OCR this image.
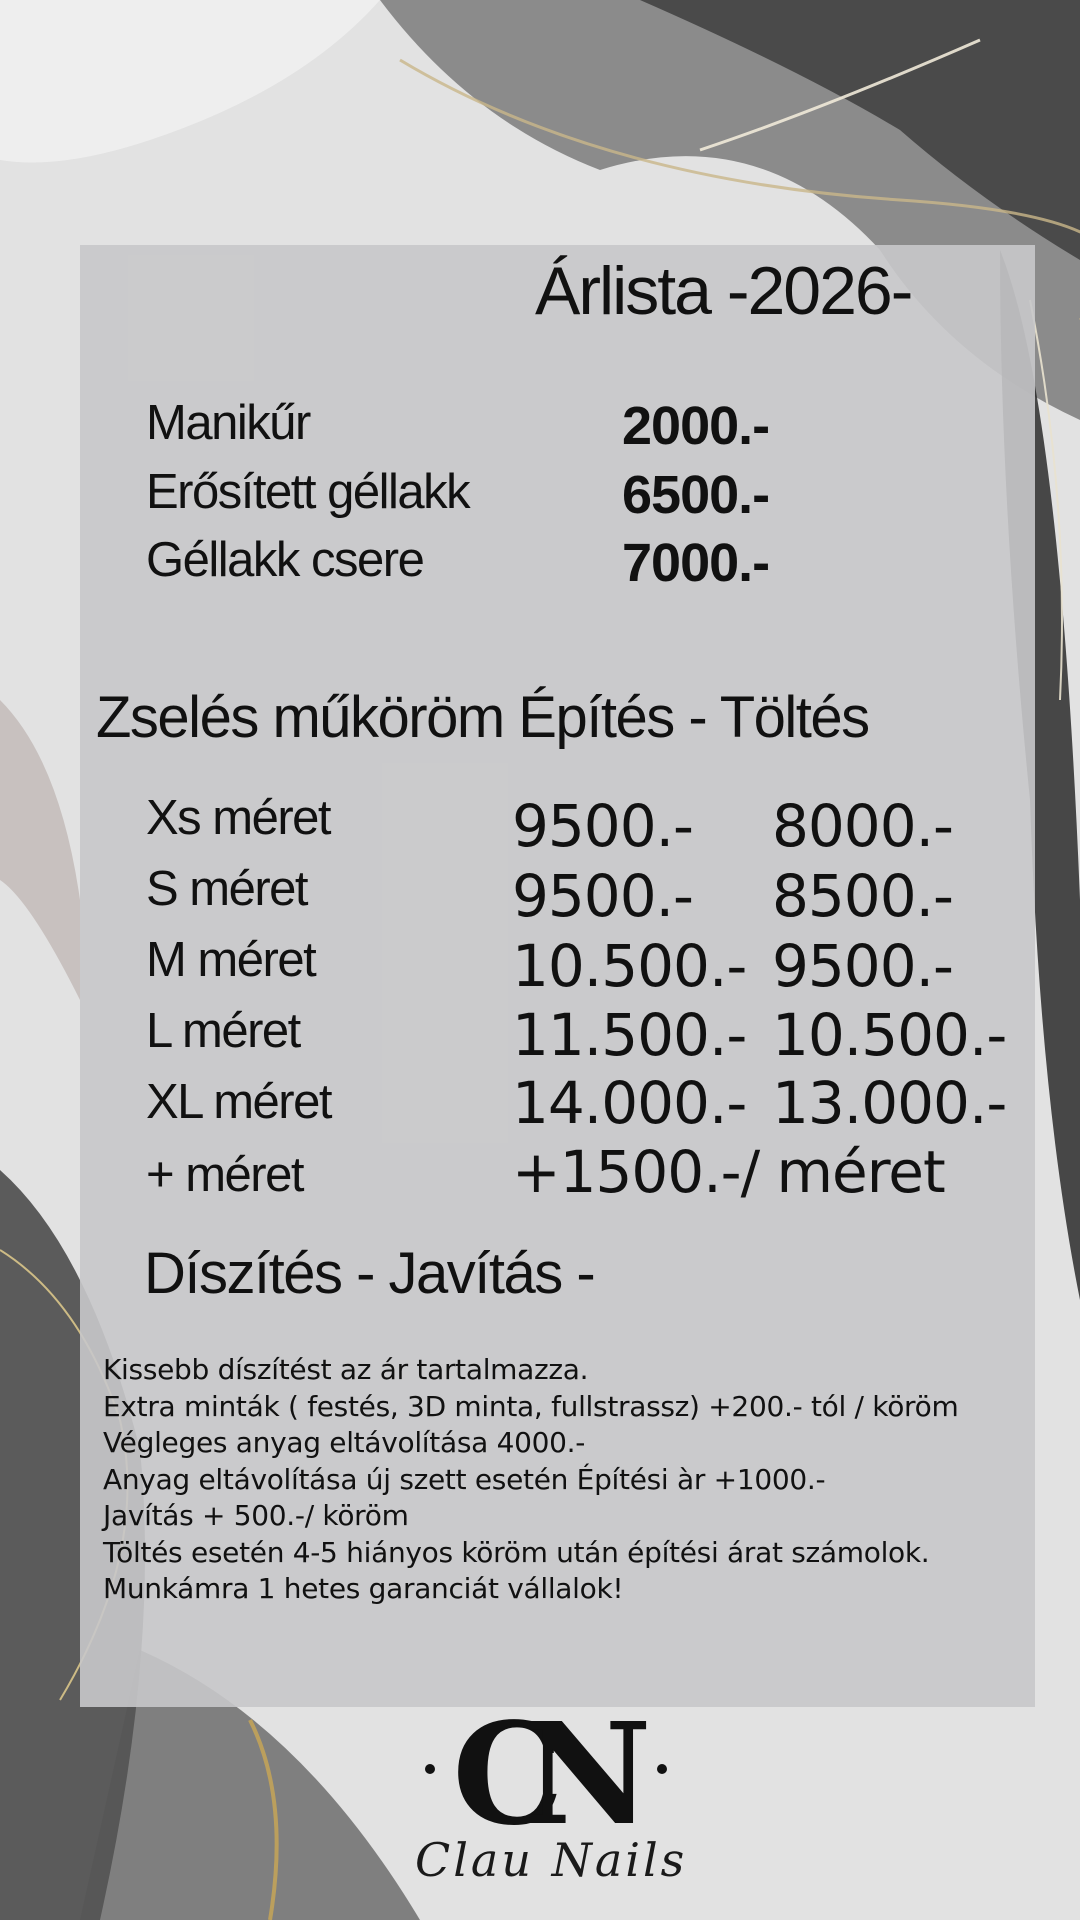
Árlista -2026-
Manikűr	2000.-
Erősített géllakk	6500.-
Géllakk csere	7000.-
Zselés műköröm Építés - Töltés
Xs méret	9500.- 8000.-
S méret	9500.- 8500.-
M méret	10.500.- 9500.-
L méret	11.500.- 10.500.-
XL méret	14.000.- 13.000.-
+ méret	+1500.-/ méret
Díszítés - Javítás -
Kissebb díszítést az ár tartalmazza.
Extra minták ( festés, 3D minta, fullstrassz) +200.- tól / köröm
Végleges anyag eltávolítása 4000.-
Anyag eltávolítása új szett esetén Építési àr +1000.-
Javítás + 500.-/ köröm
Töltés esetén 4-5 hiányos köröm után építési árat számolok.
Munkámra 1 hetes garanciát vállalok!
CN
Clau Nails
